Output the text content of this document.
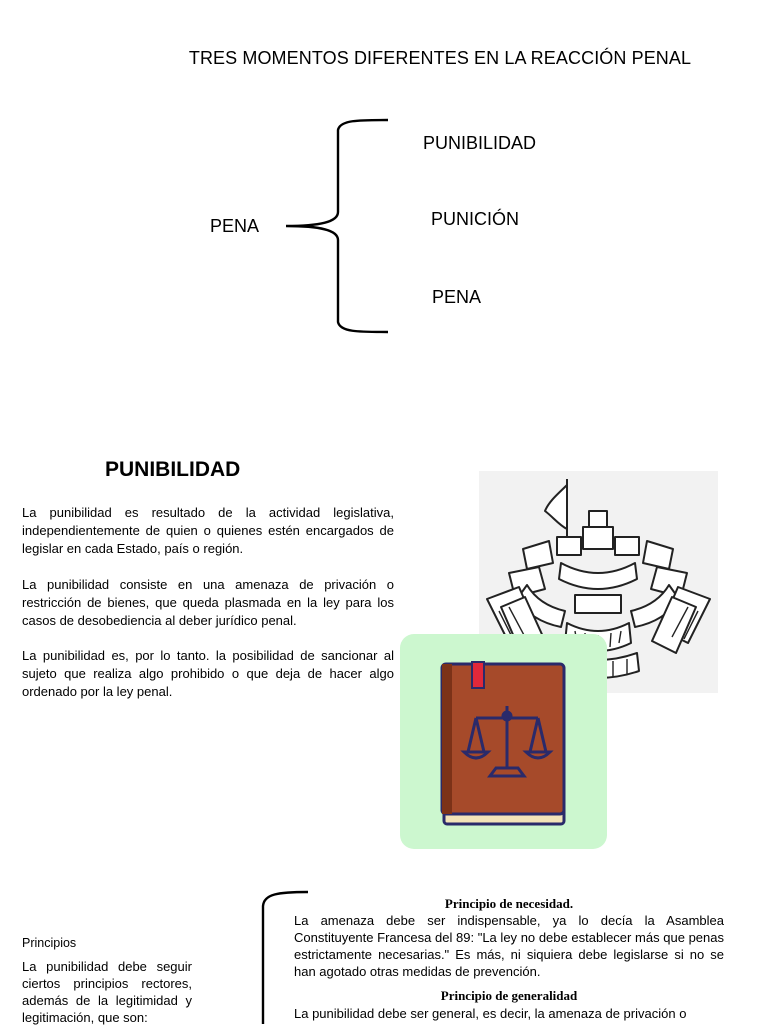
TRES MOMENTOS DIFERENTES EN LA REACCIÓN PENAL
PENA
PUNIBILIDAD
PUNICIÓN
PENA
PUNIBILIDAD
La punibilidad es resultado de la actividad legislativa, independientemente de quien o quienes estén encargados de legislar en cada Estado, país o región.
La punibilidad consiste en una amenaza de privación o restricción de bienes, que queda plasmada en la ley para los casos de desobediencia al deber jurídico penal.
La punibilidad es, por lo tanto. la posibilidad de sancionar al sujeto que realiza algo prohibido o que deja de hacer algo ordenado por la ley penal.
Principios
La punibilidad debe seguir ciertos principios rectores, además de la legitimidad y legitimación, que son:
Principio de necesidad.
La amenaza debe ser indispensable, ya lo decía la Asamblea Constituyente Francesa del 89: "La ley no debe establecer más que penas estrictamente necesarias." Es más, ni siquiera debe legislarse si no se han agotado otras medidas de prevención.
Principio de generalidad
La punibilidad debe ser general, es decir, la amenaza de privación o
